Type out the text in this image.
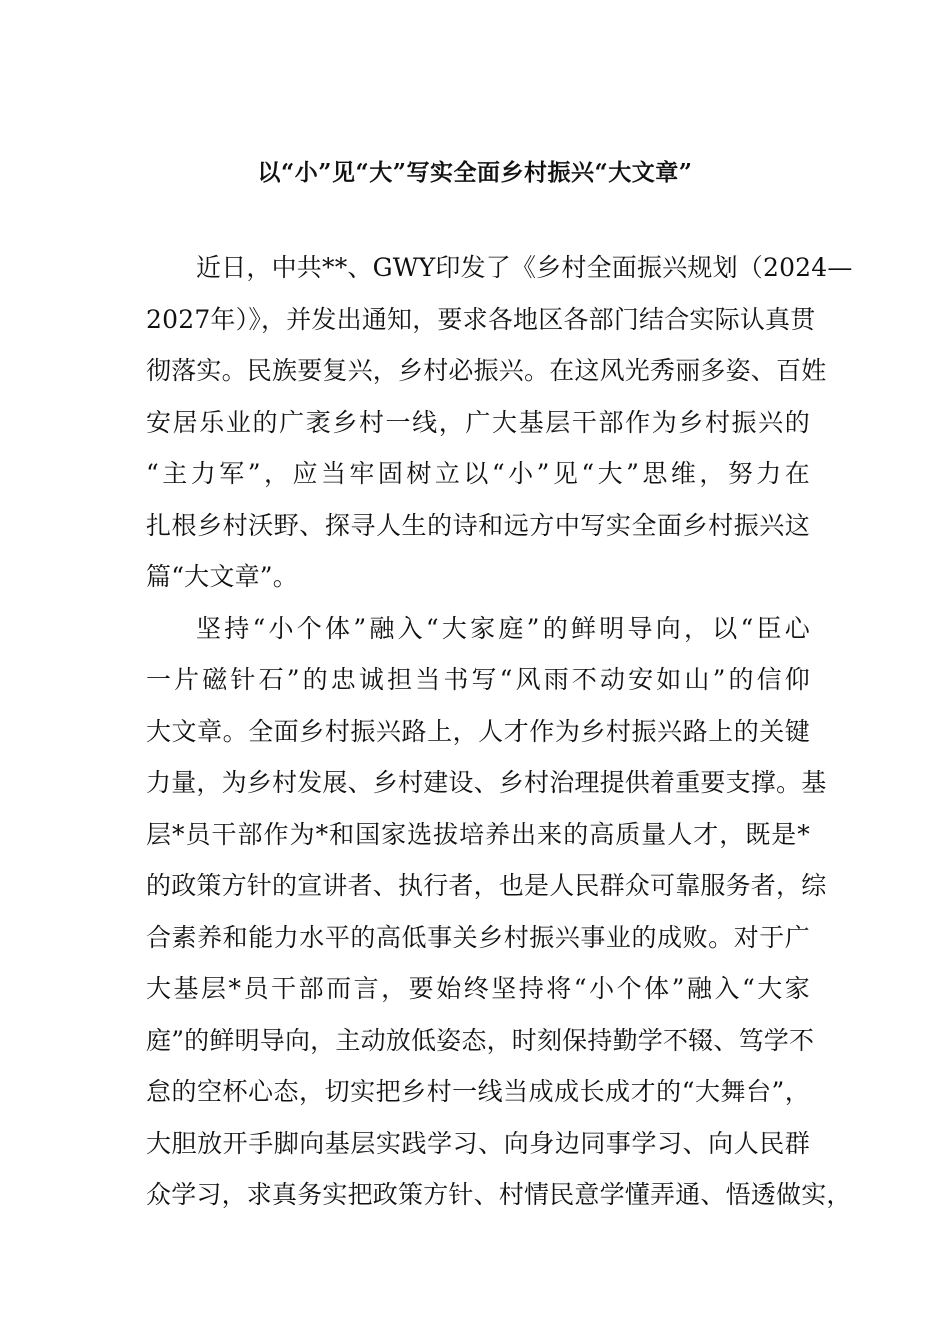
以“小”见“大”写实全面乡村振兴“大文章”
近日，中共**、GWY印发了《乡村全面振兴规划（2024—
2027年）》，并发出通知，要求各地区各部门结合实际认真贯
彻落实。民族要复兴，乡村必振兴。在这风光秀丽多姿、百姓
安居乐业的广袤乡村一线，广大基层干部作为乡村振兴的
“主力军”，应当牢固树立以“小”见“大”思维，努力在
扎根乡村沃野、探寻人生的诗和远方中写实全面乡村振兴这
篇“大文章”。
坚持“小个体”融入“大家庭”的鲜明导向，以“臣心
一片磁针石”的忠诚担当书写“风雨不动安如山”的信仰
大文章。全面乡村振兴路上，人才作为乡村振兴路上的关键
力量，为乡村发展、乡村建设、乡村治理提供着重要支撑。基
层*员干部作为*和国家选拔培养出来的高质量人才，既是*
的政策方针的宣讲者、执行者，也是人民群众可靠服务者，综
合素养和能力水平的高低事关乡村振兴事业的成败。对于广
大基层*员干部而言，要始终坚持将“小个体”融入“大家
庭”的鲜明导向，主动放低姿态，时刻保持勤学不辍、笃学不
怠的空杯心态，切实把乡村一线当成成长成才的“大舞台”，
大胆放开手脚向基层实践学习、向身边同事学习、向人民群
众学习，求真务实把政策方针、村情民意学懂弄通、悟透做实，
